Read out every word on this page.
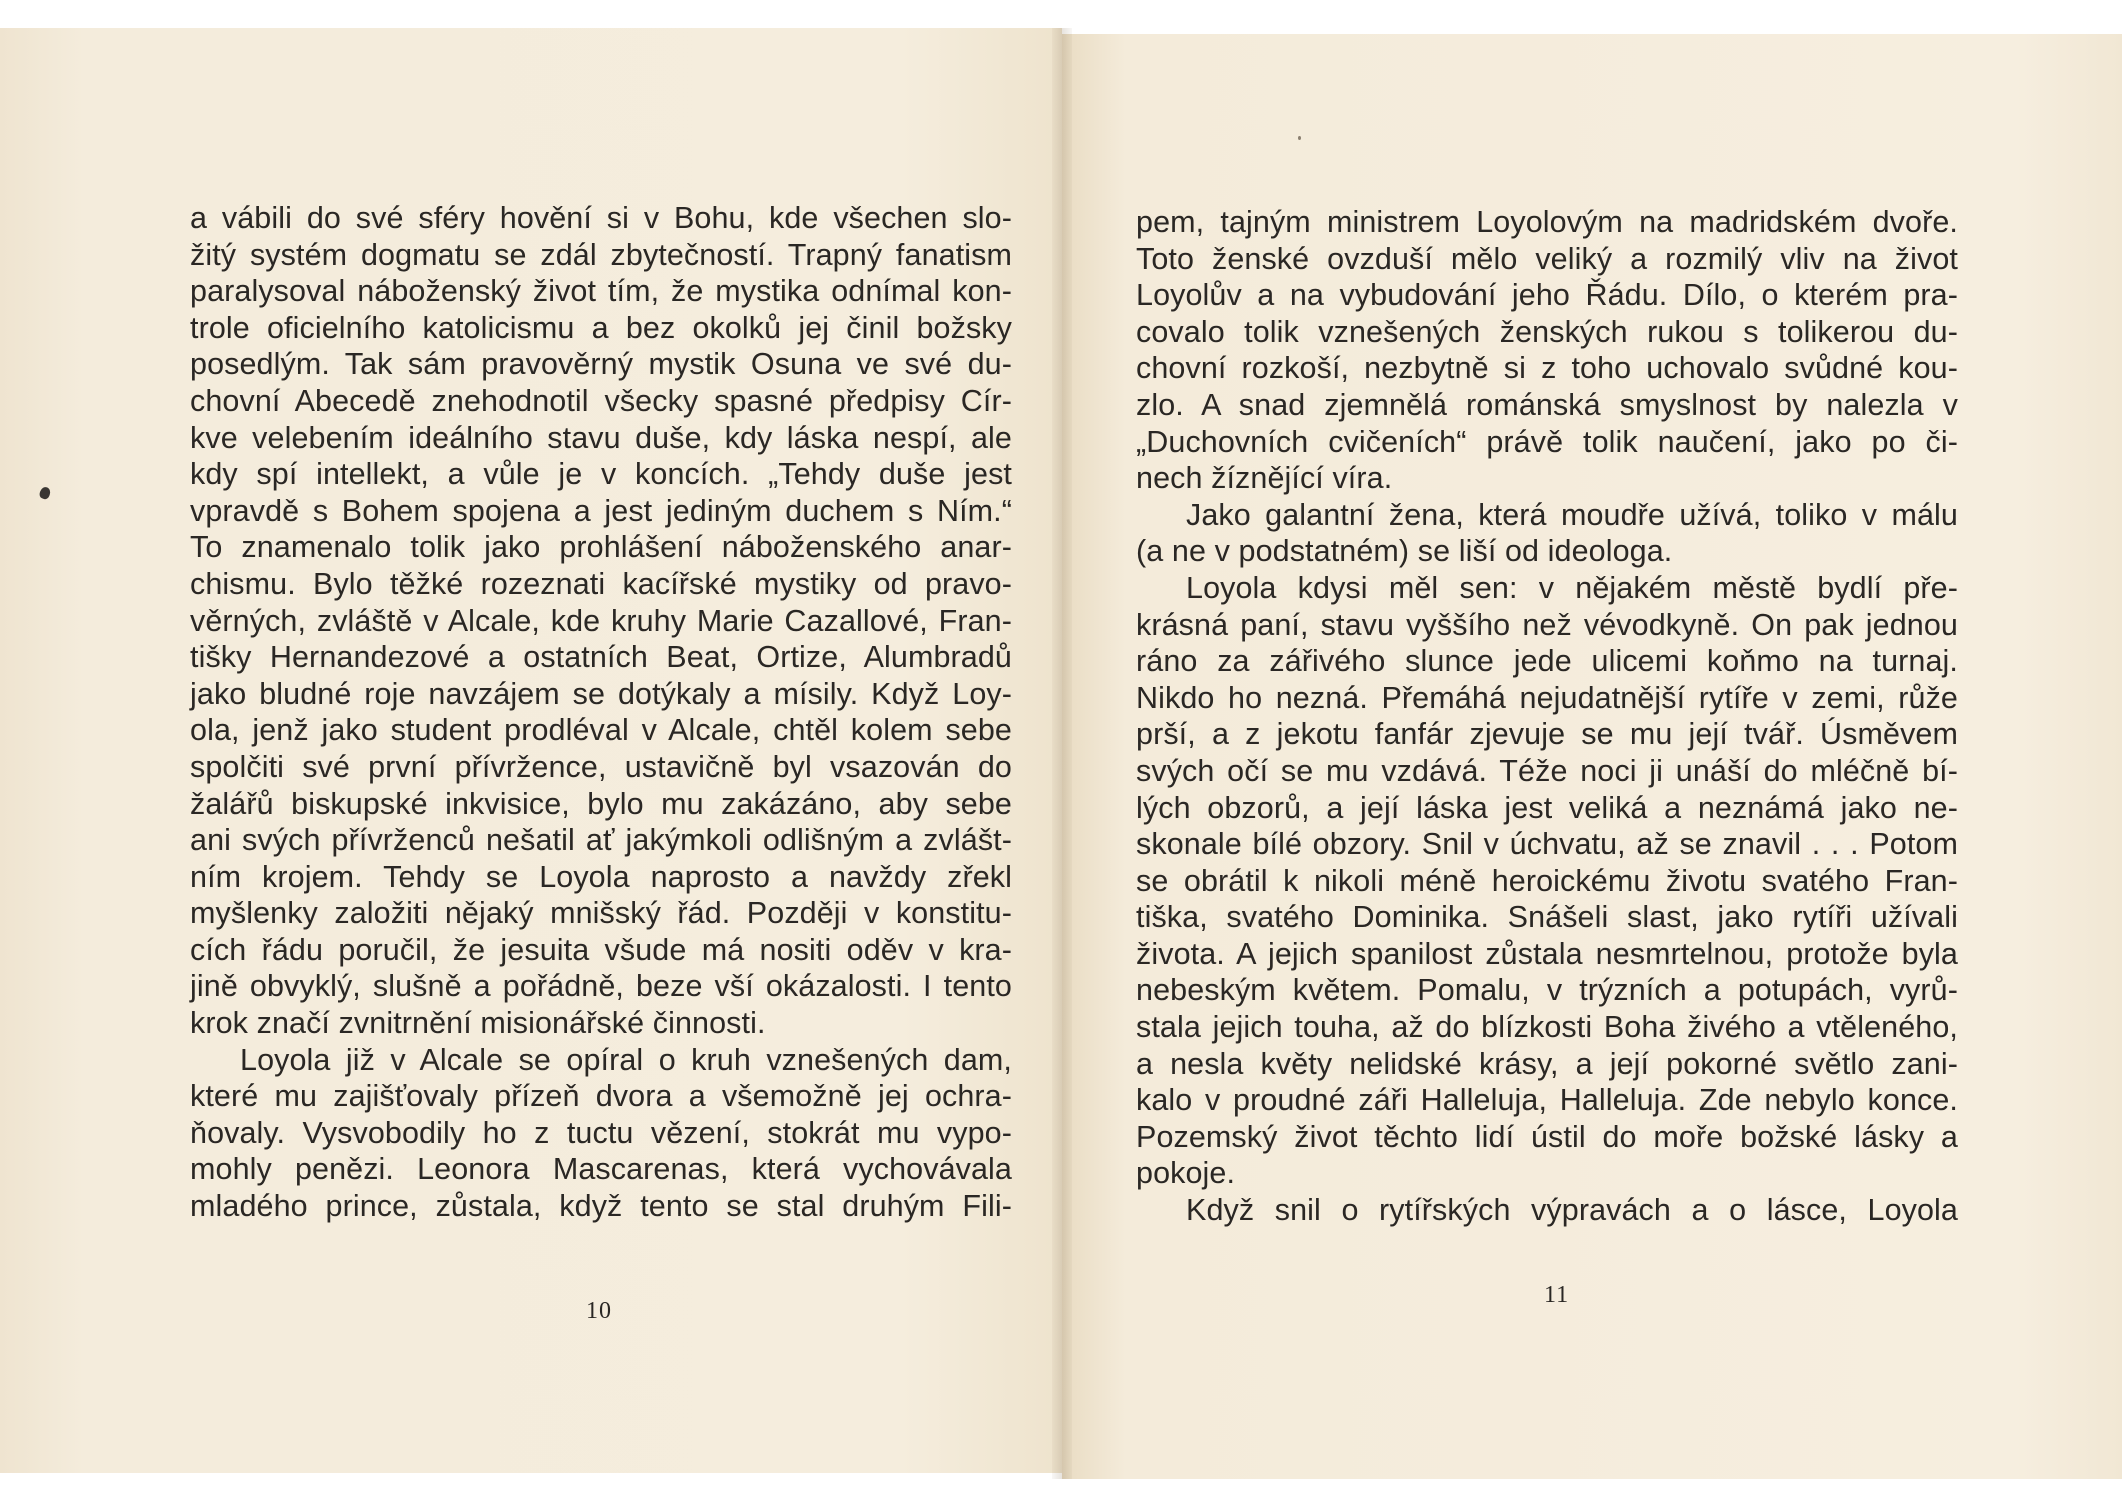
a vábili do své sféry hovění si v Bohu, kde všechen slo-
žitý systém dogmatu se zdál zbytečností. Trapný fanatism
paralysoval náboženský život tím, že mystika odnímal kon-
trole oficielního katolicismu a bez okolků jej činil božsky
posedlým. Tak sám pravověrný mystik Osuna ve své du-
chovní Abecedě znehodnotil všecky spasné předpisy Cír-
kve velebením ideálního stavu duše, kdy láska nespí, ale
kdy spí intellekt, a vůle je v koncích. „Tehdy duše jest
vpravdě s Bohem spojena a jest jediným duchem s Ním.“
To znamenalo tolik jako prohlášení náboženského anar-
chismu. Bylo těžké rozeznati kacířské mystiky od pravo-
věrných, zvláště v Alcale, kde kruhy Marie Cazallové, Fran-
tišky Hernandezové a ostatních Beat, Ortize, Alumbradů
jako bludné roje navzájem se dotýkaly a mísily. Když Loy-
ola, jenž jako student prodléval v Alcale, chtěl kolem sebe
spolčiti své první přívržence, ustavičně byl vsazován do
žalářů biskupské inkvisice, bylo mu zakázáno, aby sebe
ani svých přívrženců nešatil ať jakýmkoli odlišným a zvlášt-
ním krojem. Tehdy se Loyola naprosto a navždy zřekl
myšlenky založiti nějaký mnišský řád. Později v konstitu-
cích řádu poručil, že jesuita všude má nositi oděv v kra-
jině obvyklý, slušně a pořádně, beze vší okázalosti. I tento
krok značí zvnitrnění misionářské činnosti.
Loyola již v Alcale se opíral o kruh vznešených dam,
které mu zajišťovaly přízeň dvora a všemožně jej ochra-
ňovaly. Vysvobodily ho z tuctu vězení, stokrát mu vypo-
mohly penězi. Leonora Mascarenas, která vychovávala
mladého prince, zůstala, když tento se stal druhým Fili-
10
pem, tajným ministrem Loyolovým na madridském dvoře.
Toto ženské ovzduší mělo veliký a rozmilý vliv na život
Loyolův a na vybudování jeho Řádu. Dílo, o kterém pra-
covalo tolik vznešených ženských rukou s tolikerou du-
chovní rozkoší, nezbytně si z toho uchovalo svůdné kou-
zlo. A snad zjemnělá románská smyslnost by nalezla v
„Duchovních cvičeních“ právě tolik naučení, jako po či-
nech žíznějící víra.
Jako galantní žena, která moudře užívá, toliko v málu
(a ne v podstatném) se liší od ideologa.
Loyola kdysi měl sen: v nějakém městě bydlí pře-
krásná paní, stavu vyššího než vévodkyně. On pak jednou
ráno za zářivého slunce jede ulicemi koňmo na turnaj.
Nikdo ho nezná. Přemáhá nejudatnější rytíře v zemi, růže
prší, a z jekotu fanfár zjevuje se mu její tvář. Úsměvem
svých očí se mu vzdává. Téže noci ji unáší do mléčně bí-
lých obzorů, a její láska jest veliká a neznámá jako ne-
skonale bílé obzory. Snil v úchvatu, až se znavil . . . Potom
se obrátil k nikoli méně heroickému životu svatého Fran-
tiška, svatého Dominika. Snášeli slast, jako rytíři užívali
života. A jejich spanilost zůstala nesmrtelnou, protože byla
nebeským květem. Pomalu, v trýzních a potupách, vyrů-
stala jejich touha, až do blízkosti Boha živého a vtěleného,
a nesla květy nelidské krásy, a její pokorné světlo zani-
kalo v proudné záři Halleluja, Halleluja. Zde nebylo konce.
Pozemský život těchto lidí ústil do moře božské lásky a
pokoje.
Když snil o rytířských výpravách a o lásce, Loyola
11
